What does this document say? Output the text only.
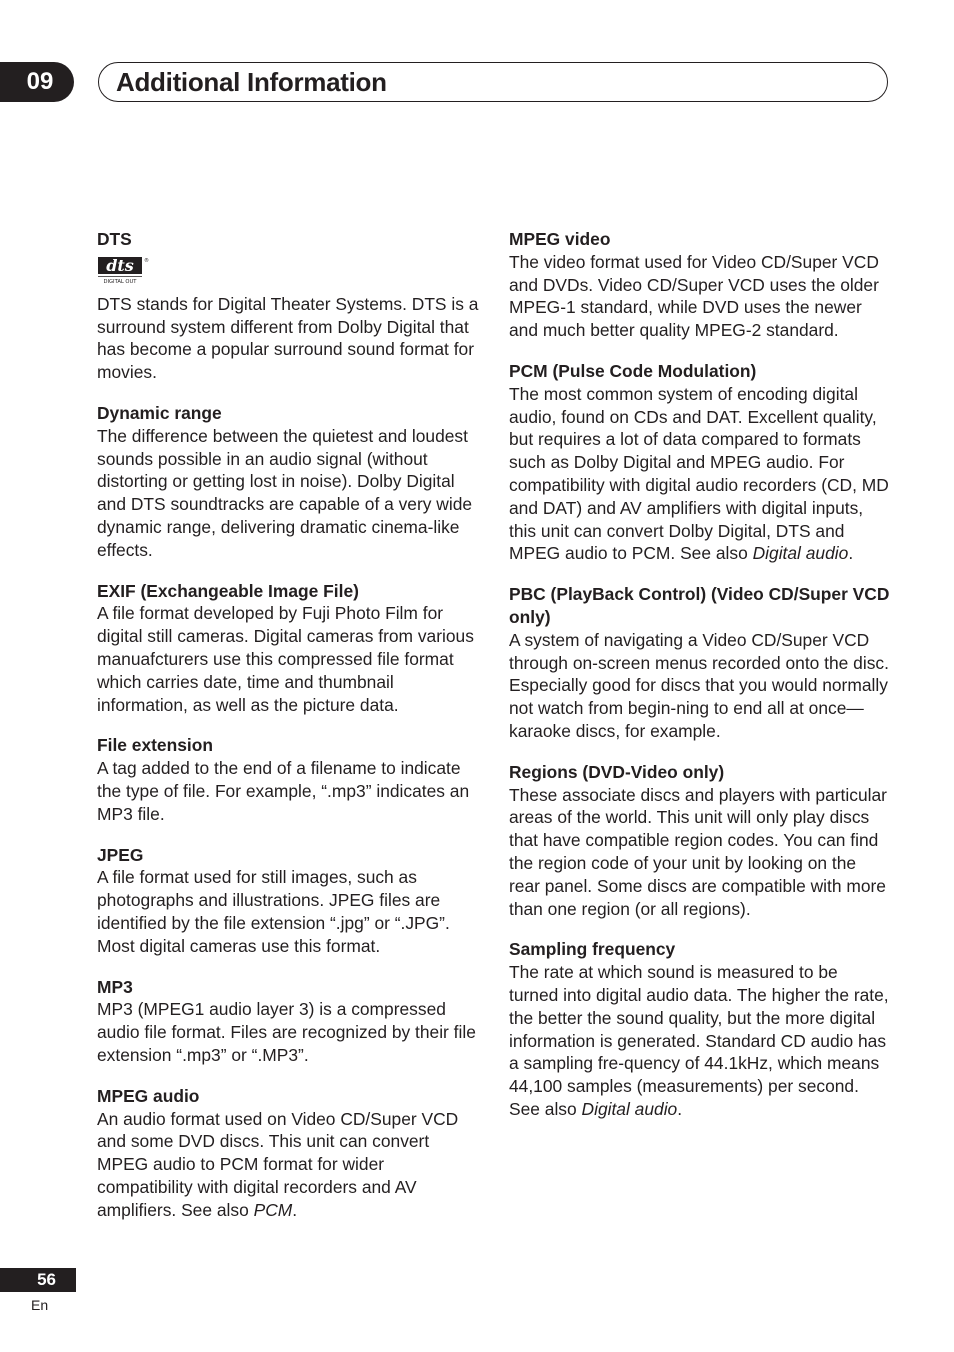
09	Additional Information
DTS
dts
DIGITAL OUT
®
DTS stands for Digital Theater Systems. DTS is a surround system different from Dolby Digital that has become a popular surround sound format for movies.
Dynamic range
The difference between the quietest and loudest sounds possible in an audio signal (without distorting or getting lost in noise). Dolby Digital and DTS soundtracks are capable of a very wide dynamic range, delivering dramatic cinema-like effects.
EXIF (Exchangeable Image File)
A file format developed by Fuji Photo Film for digital still cameras. Digital cameras from various manuafcturers use this compressed file format which carries date, time and thumbnail information, as well as the picture data.
File extension
A tag added to the end of a filename to indicate the type of file. For example, “.mp3” indicates an MP3 file.
JPEG
A file format used for still images, such as photographs and illustrations. JPEG files are identified by the file extension “.jpg” or “.JPG”. Most digital cameras use this format.
MP3
MP3 (MPEG1 audio layer 3) is a compressed audio file format. Files are recognized by their file extension “.mp3” or “.MP3”.
MPEG audio
An audio format used on Video CD/Super VCD and some DVD discs. This unit can convert MPEG audio to PCM format for wider compatibility with digital recorders and AV amplifiers. See also PCM.
MPEG video
The video format used for Video CD/Super VCD and DVDs. Video CD/Super VCD uses the older MPEG-1 standard, while DVD uses the newer and much better quality MPEG-2 standard.
PCM (Pulse Code Modulation)
The most common system of encoding digital audio, found on CDs and DAT. Excellent quality, but requires a lot of data compared to formats such as Dolby Digital and MPEG audio. For compatibility with digital audio recorders (CD, MD and DAT) and AV amplifiers with digital inputs, this unit can convert Dolby Digital, DTS and MPEG audio to PCM. See also Digital audio.
PBC (PlayBack Control) (Video CD/Super VCD only)
A system of navigating a Video CD/Super VCD through on-screen menus recorded onto the disc. Especially good for discs that you would normally not watch from begin-ning to end all at once—karaoke discs, for example.
Regions (DVD-Video only)
These associate discs and players with particular areas of the world. This unit will only play discs that have compatible region codes. You can find the region code of your unit by looking on the rear panel. Some discs are compatible with more than one region (or all regions).
Sampling frequency
The rate at which sound is measured to be turned into digital audio data. The higher the rate, the better the sound quality, but the more digital information is generated. Standard CD audio has a sampling fre-quency of 44.1kHz, which means 44,100 samples (measurements) per second. See also Digital audio.
56
En
